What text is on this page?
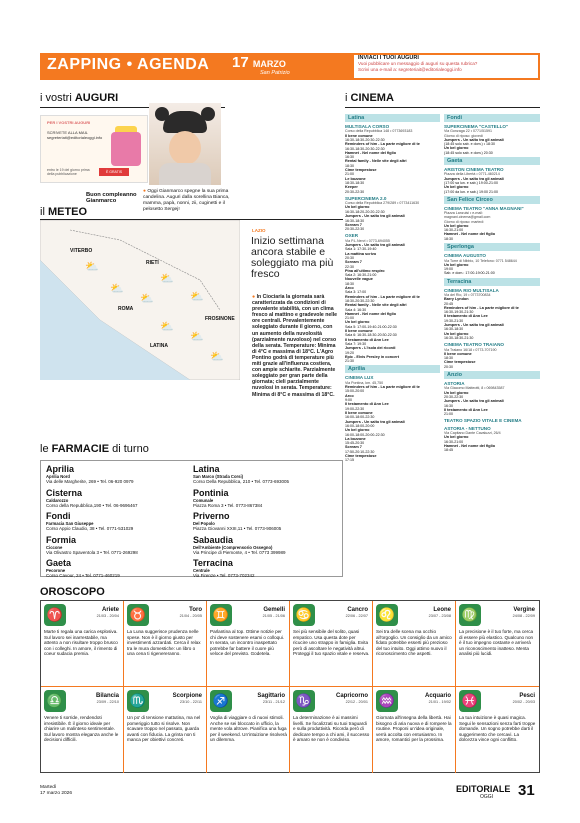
ZAPPING • AGENDA 17 MARZO
San Patrizio
INVIACI I TUOI AUGURI
Vuoi pubblicare un messaggio di auguri su questa rubrica?
Scrivi una e-mail a: segreteriait@editorialeoggi.info
i vostri AUGURI
PER I VOSTRI AUGURI
SCRIVETE ALLA MAIL segreteriait@editorialeoggi.info
entro le 19 del giorno prima della pubblicazione	È GRATIS
Buon compleanno Gianmarco
● Oggi Gianmarco spegne la sua prima candelina. Auguri dalla sorellina Bianca, mamma, papà, nonni, zii, cuginetti e il pelosetto Sergej!
il METEO
VITERBO
RIETI
ROMA
FROSINONE
LATINA
⛅
⛅
⛅
⛅	⛅
⛅
⛅
⛅
LAZIO
Inizio settimana ancora stabile e soleggiato ma più fresco
● In Ciociaria la giornata sarà caratterizzata da condizioni di prevalente stabilità, con un clima fresco al mattino e gradevole nelle ore centrali. Prevalentemente soleggiato durante il giorno, con un aumento della nuvolosità (parzialmente nuvoloso) nel corso della serata. Temperature: Minima di 4°C e massima di 18°C. L'Agro Pontino godrà di temperature più miti grazie all'influenza costiera, con ampie schiarite. Parzialmente soleggiato per gran parte della giornata; cieli parzialmente nuvolosi in serata. Temperature: Minima di 8°C e massima di 18°C.
le FARMACIE di turno
Aprilia
Aprilia Nord
Via delle Margherite, 269 • Tel. 06-920 0979
Cisterna
Caldarozzo
Corso della Repubblica,190 • Tel. 06-9696467
Fondi
Farmacia San Giuseppe
Corso Appio Claudio, 38 • Tel. 0771-531029
Formia
Ciccone
Via Olivastro Spaventola 3 • Tel. 0771-269298
Gaeta
Pecorone
Corso Cavour, 24 • Tel. 0771-460219
Latina
San Marco (Strada Corsi)
Corso Della Repubblica, 210 • Tel. 0773-693005
Pontinia
Comunale
Piazza Roma 3 • Tel. 0773-867384
Priverno
Del Popolo
Piazza Giovanni XXIII,11 • Tel. 0773-906005
Sabaudia
Dell'Ambiente (Comprensorio Ossegno)
Via Principe di Piemonte, 4 • Tel. 0773 399989
Terracina
Centrale
Via Firenze • Tel. 0773-702342
i CINEMA
Latina
MULTISALA CORSO
Corso della Repubblica 148 • 0773693183
Il bene comune
16:30-18:30-20:30-22:30
Reminders of him - La parte migliore di te
16:30-18:30-20:30-22:30
Hamnet - Nel nome del figlio
16:30
Rental family - Nelle vite degli altri
18:30
Cime tempestose
21:00
Le bozzone
18:30-18:30
Keeper
20:30-22:30
SUPERCINEMA 2.0
Corso della Repubblica 279/289 • 0773411630
Un bel giorno
16:30-18:20-20:20-22:30
Jumpers - Un salto tra gli animali
16:30-18:30
Scream 7
20:30-22:30
OXER
Via P.L.Nervi • 0773-694055
Jumpers - Un salto tra gli animali
Sala 1: 17:30-19:40
La mattina scrivo
20:30
Scream 7
22:30
Pina all'ultimo respiro
Sala 2: 16:30-21:00
Nouvelle vague
18:30
Arco
Sala 3: 17:00
Reminders of him - La parte migliore di te
18:30-20:30-22:30
Rental family - Nelle vite degli altri
Sala 4: 16:30
Hamnet - Nel nome del figlio
21:00
Un bel giorno
Sala 5: 17:00-19:40-21:00-22:30
Il bene comune
Sala 6: 16:30-18:30-20:30-22:30
Il testamento di Ann Lee
Sala 7: 19:30
Jumpers - L'isola dei ricordi
19:20
Epic - Elvis Presley in concert
21:30
Aprilia
CINEMA LUX
Via Pontina, km. 45,750
Reminders of him - La parte migliore di te
15:00-20:00
Arco
9:00
Il testamento di Ann Lee
19:00-22:30
Il bene comune
16:00-18:00-22:30
Jumpers - Un salto tra gli animali
16:00-18:00-20:00
Un bel giorno
16:00-18:00-20:00-22:30
La bozzone
15:45-20:30
Scream 7
17:50-20:10-22:30
Cime tempestose
17:15
Fondi
SUPERCINEMA "CASTELLO"
Via Gonzaga 22 • 0771/51591
Giorno di riposo: giovedì
Jumpers - Un salto tra gli animali
(18:45 solo sab. e dom.) • 18:30
Un bel giorno
(18:45 solo sab. e dom.) 20:30
Gaeta
ARISTON CINEMA TEATRO
Piazza della Libertà • 0771-460214
Jumpers - Un salto tra gli animali
(17:00 sa lun. e sab.) 19:00-21:00
Un bel giorno
(17:00 da lun. e sab.) 19:00 21:00
San Felice Circeo
CINEMA TEATRO "ANNA MAGNANI"
Piazza Lanzuisi • e-mail:
magnani.cinema@gmail.com
Giorno di riposo: martedì
Un bel giorno
16:30-21:00
Hamnet - Nel nome del figlio
18:30
Sperlonga
CINEMA AUGUSTO
Via Torre di Nibbio, 10 Telefono: 0771 548644
Un bel giorno
19:00
Sab. e dom.: 17:00-19:00-21:00
Terracina
CINEMA RIO MULTISALA
Via del Rio, 19 • 0773700834
Barry Lyndon
20:45
Reminders of him - La parte migliore di te
16:30-19:30-21:30
Il testamento di Ann Lee
19:30-21:30
Jumpers - Un salto tra gli animali
16:30-18:30
Un bel giorno
16:30-18:30-21:30
CINEMA TEATRO TRAIANO
Via Traiano 16/18 • 0773-707190
Il bene comune
18:30
Cime tempestose
20:30
Anzio
ASTORIA
Via Giacomo Matteotti, 8 • 069843587
Un bel giorno
20:30-22:30
Jumpers - Un salto tra gli animali
16:30
Il testamento di Ann Lee
21:00
TEATRO SPAZIO VITALE E CINEMA
ASTORIA - NETTUNO
Via Capitano Dante Cavaluzzi, 26/4
Un bel giorno
16:30-21:00
Hamnet - Nel nome del figlio
18:45
OROSCOPO
♈	Ariete
21/03 - 20/04
Marte ti regala una carica esplosiva. Sul lavoro sei inarrestabile, ma attento a non risultare troppo brusco con i colleghi. In amore, il rimento di coeur sudacia premia.
♉	Toro
21/04 - 20/05
La Luna suggerisce prudenza nelle spese. Non è il giorno giusto per investimenti azzardati. Cerca il relax tra le mura domestiche: un libro o una cena ti rigenereranno.
♊	Gemelli
21/05 - 21/06
Parlantina al top. Ottime notizie per chi deve sostenere esami o colloqui. In serata, un incontro inaspettato potrebbe far battere il cuore più veloce del previsto. Godetela.
♋	Cancro
22/06 - 22/07
Sei più sensibile del solito, quasi empatico. Usa questa dote per ricucire uno strappo in famiglia. Evita però di ascoltare le negatività altrui. Proteggi il tuo spazio vitale e reserva.
♌	Leone
23/07 - 23/08
Sei tra delle scena ma occhio all'orgoglio. Un consiglio da un amico fidato potrebbe esserti più prezioso del tuo intuito. Oggi attimo nuovo il riconoscimento che aspetti.
♍	Vergine
24/08 - 22/09
La precisione è il tuo forte, ma cerca di essere più elastico. Qualcuno non è il tuo impegno costante e arriverà un riconoscimento inatteso. Menta analisi più lucidi.
♎	Bilancia
23/09 - 22/10
Venere ti sorride, rendendoti irresistibile. È il giorno ideale per chiarire un malinteso sentimentale. Sul lavoro mostra eleganza anche le decisioni difficili.
♏	Scorpione
23/10 - 22/11
Un po' di tensione mattutina, ma nel pomeriggio tutto si risolve. Non scavare troppo nel passato, guarda avanti con fiducia. La grinta non ti manca per obiettivi concreti.
♐	Sagittario
23/11 - 21/12
Voglia di viaggiare o di nuovi stimoli. Anche se sei bloccato in ufficio, la mente vola altrove. Pianifica una fuga per il weekend. Un'intuizione risolverà un dilemma.
♑	Capricorno
22/12 - 20/01
La determinazione è ai massimi livelli. Se focalizzati su tuoi traguardi e sulla produttività. Ricorda però di dedicare tempo a chi ami, il successo è amaro se non è condiviso.
♒	Acquario
21/01 - 19/02
Giornata all'insegna della libertà. Hai bisogno di aria nuova e di rompere la routine. Proponi un'idea originale, verrà accolta con entusiasmo. In amore, romantici per la prossima.
♓	Pesci
20/02 - 20/03
La tua intuizione è quasi magica. Segui le sensazioni senza farti troppe domande. Un sogno potrebbe darti il suggerimento che cercavi. La dolcezza vince ogni conflitto.
Martedì
17 marzo 2026	EDITORIALE
OGGI 31
